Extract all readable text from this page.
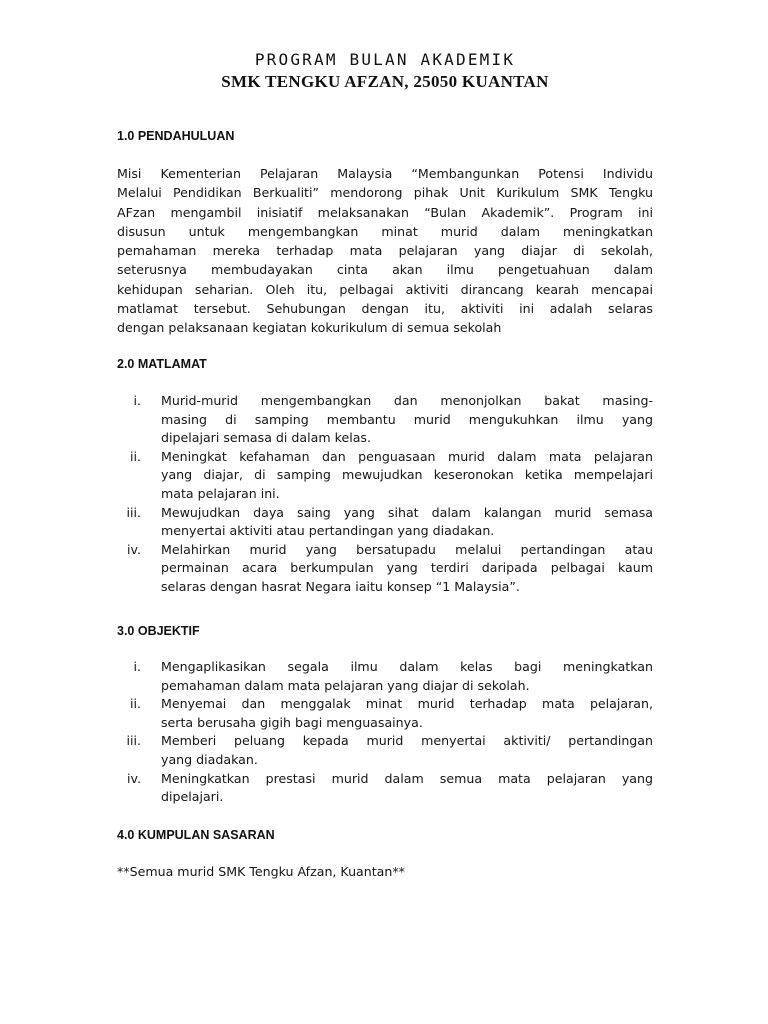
PROGRAM BULAN AKADEMIK
SMK TENGKU AFZAN, 25050 KUANTAN
1.0 PENDAHULUAN
Misi Kementerian Pelajaran Malaysia “Membangunkan Potensi Individu
Melalui Pendidikan Berkualiti” mendorong pihak Unit Kurikulum SMK Tengku
AFzan mengambil inisiatif melaksanakan “Bulan Akademik”. Program ini
disusun untuk mengembangkan minat murid dalam meningkatkan
pemahaman mereka terhadap mata pelajaran yang diajar di sekolah,
seterusnya membudayakan cinta akan ilmu pengetuahuan dalam
kehidupan seharian. Oleh itu, pelbagai aktiviti dirancang kearah mencapai
matlamat tersebut. Sehubungan dengan itu, aktiviti ini adalah selaras
dengan pelaksanaan kegiatan kokurikulum di semua sekolah
2.0 MATLAMAT
i. Murid-murid mengembangkan dan menonjolkan bakat masing-
masing di samping membantu murid mengukuhkan ilmu yang
dipelajari semasa di dalam kelas.
ii. Meningkat kefahaman dan penguasaan murid dalam mata pelajaran
yang diajar, di samping mewujudkan keseronokan ketika mempelajari
mata pelajaran ini.
iii. Mewujudkan daya saing yang sihat dalam kalangan murid semasa
menyertai aktiviti atau pertandingan yang diadakan.
iv. Melahirkan murid yang bersatupadu melalui pertandingan atau
permainan acara berkumpulan yang terdiri daripada pelbagai kaum
selaras dengan hasrat Negara iaitu konsep “1 Malaysia”.
3.0 OBJEKTIF
i. Mengaplikasikan segala ilmu dalam kelas bagi meningkatkan
pemahaman dalam mata pelajaran yang diajar di sekolah.
ii. Menyemai dan menggalak minat murid terhadap mata pelajaran,
serta berusaha gigih bagi menguasainya.
iii. Memberi peluang kepada murid menyertai aktiviti/ pertandingan
yang diadakan.
iv. Meningkatkan prestasi murid dalam semua mata pelajaran yang
dipelajari.
4.0 KUMPULAN SASARAN
**Semua murid SMK Tengku Afzan, Kuantan**
